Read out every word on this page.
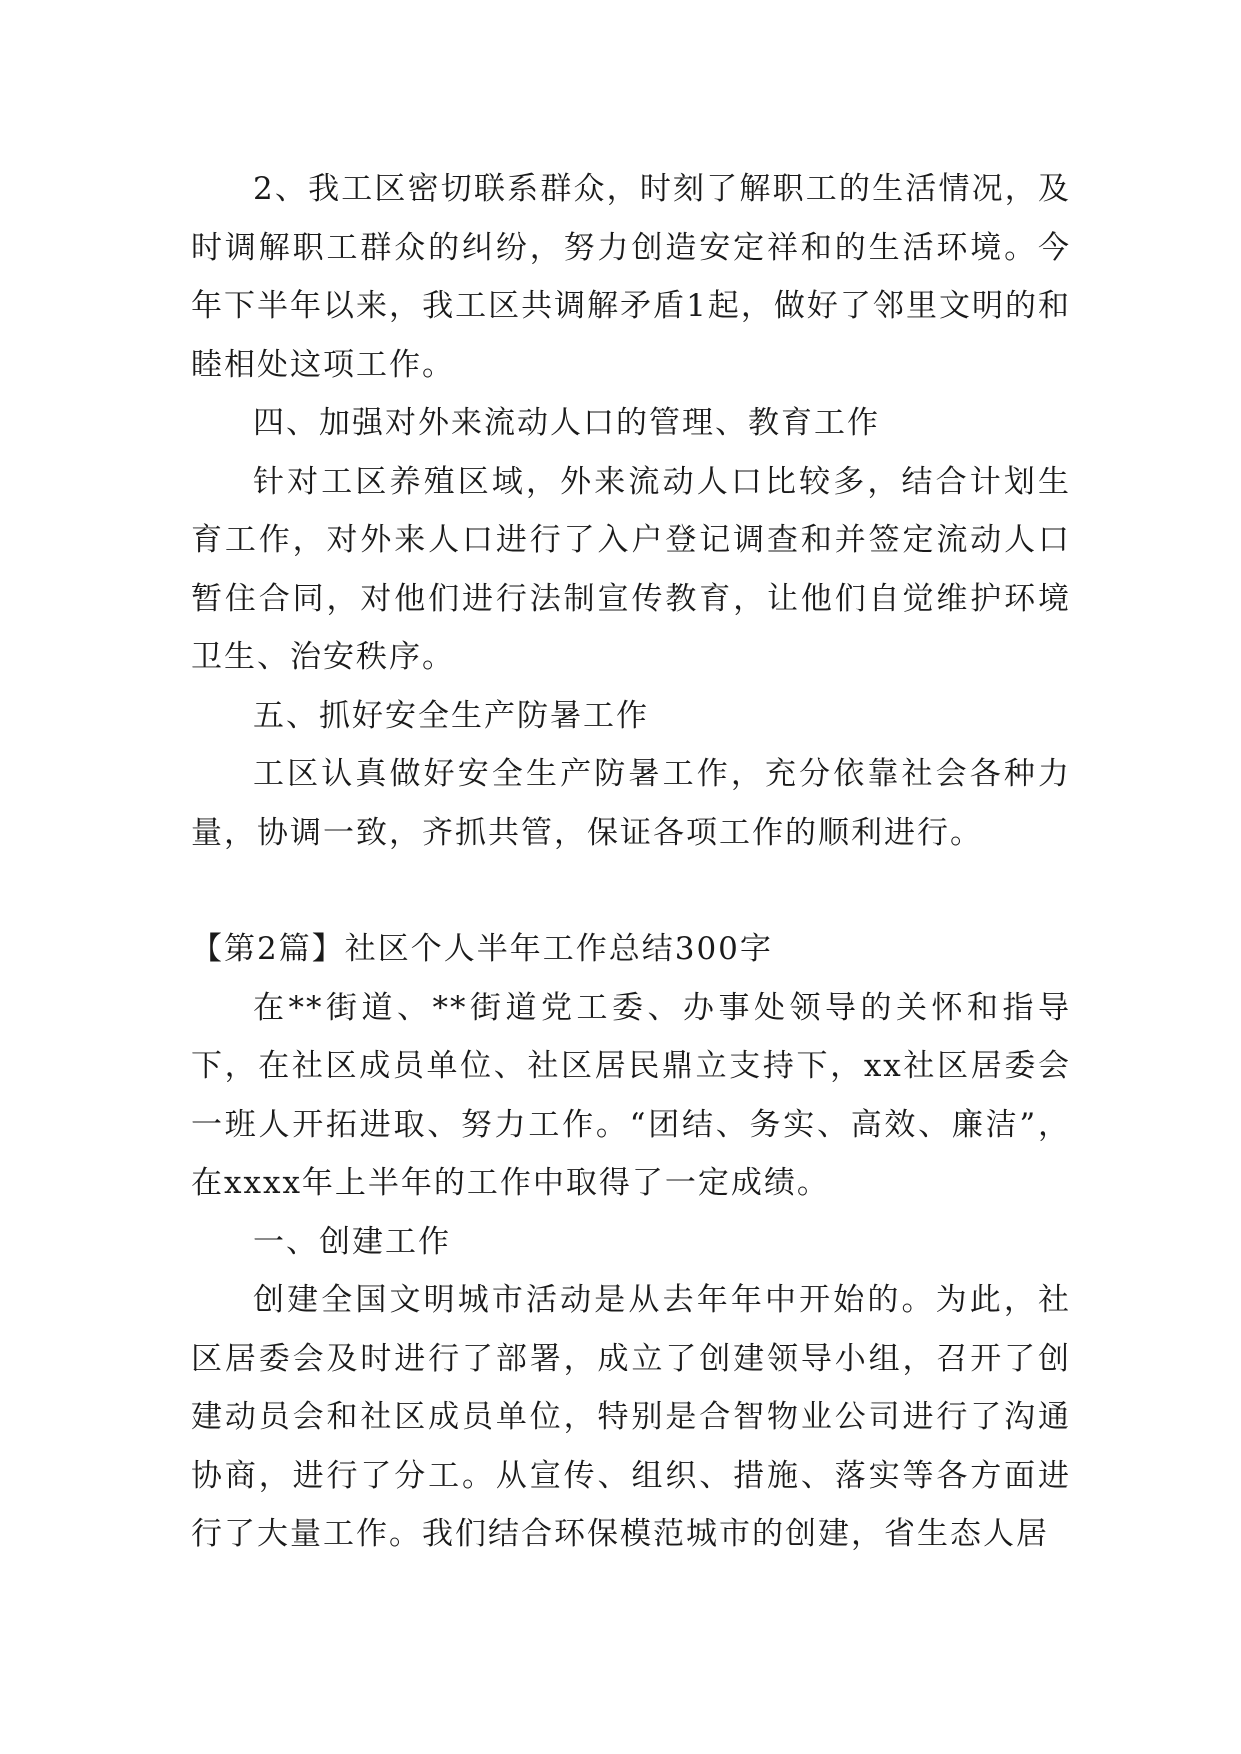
2、我工区密切联系群众，时刻了解职工的生活情况，及时调解职工群众的纠纷，努力创造安定祥和的生活环境。今年下半年以来，我工区共调解矛盾1起，做好了邻里文明的和睦相处这项工作。

四、加强对外来流动人口的管理、教育工作

针对工区养殖区域，外来流动人口比较多，结合计划生育工作，对外来人口进行了入户登记调查和并签定流动人口暂住合同，对他们进行法制宣传教育，让他们自觉维护环境卫生、治安秩序。

五、抓好安全生产防暑工作

工区认真做好安全生产防暑工作，充分依靠社会各种力量，协调一致，齐抓共管，保证各项工作的顺利进行。

【第2篇】社区个人半年工作总结300字

在**街道、**街道党工委、办事处领导的关怀和指导下，在社区成员单位、社区居民鼎立支持下，xx社区居委会一班人开拓进取、努力工作。“团结、务实、高效、廉洁”，在xxxx年上半年的工作中取得了一定成绩。

一、创建工作

创建全国文明城市活动是从去年年中开始的。为此，社区居委会及时进行了部署，成立了创建领导小组，召开了创建动员会和社区成员单位，特别是合智物业公司进行了沟通协商，进行了分工。从宣传、组织、措施、落实等各方面进行了大量工作。我们结合环保模范城市的创建，省生态人居
